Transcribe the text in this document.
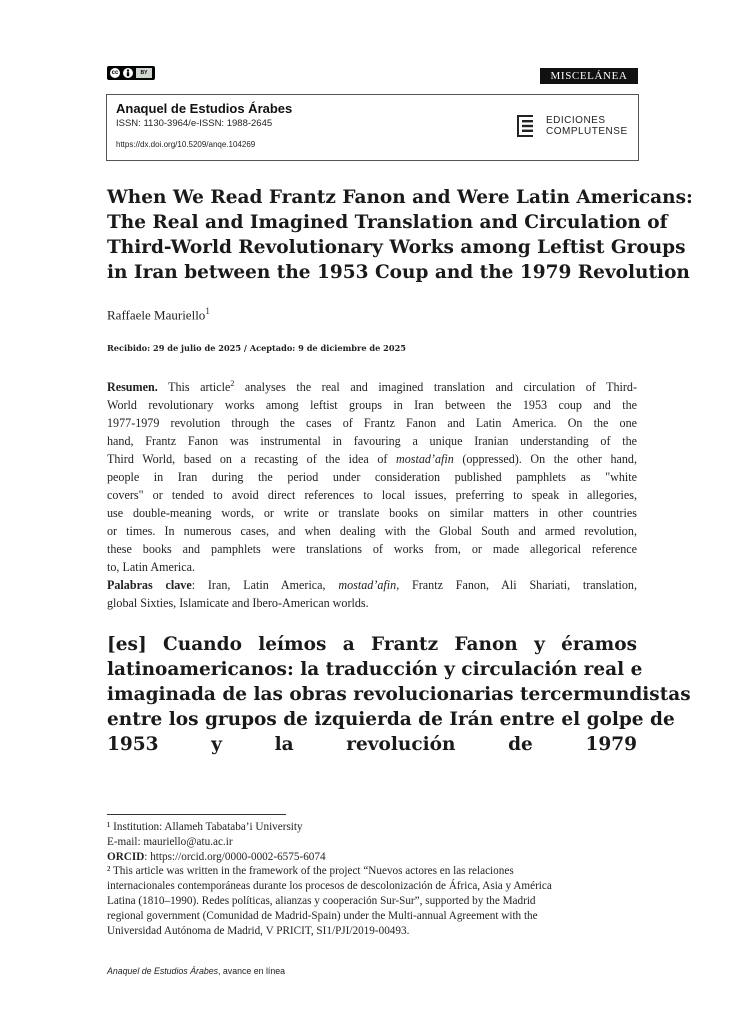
cc	BY	MISCELÁNEA
Anaquel de Estudios Árabes
ISSN: 1130-3964/e-ISSN: 1988-2645
https://dx.doi.org/10.5209/anqe.104269
EDICIONES
COMPLUTENSE
When We Read Frantz Fanon and Were Latin Americans:
The Real and Imagined Translation and Circulation of
Third-World Revolutionary Works among Leftist Groups
in Iran between the 1953 Coup and the 1979 Revolution
Raffaele Mauriello$^1$
Recibido: 29 de julio de 2025 / Aceptado: 9 de diciembre de 2025
Resumen. This article$^2$ analyses the real and imagined translation and circulation of Third-
World revolutionary works among leftist groups in Iran between the 1953 coup and the
1977-1979 revolution through the cases of Frantz Fanon and Latin America. On the one
hand, Frantz Fanon was instrumental in favouring a unique Iranian understanding of the
Third World, based on a recasting of the idea of mostad’afin (oppressed). On the other hand,
people in Iran during the period under consideration published pamphlets as "white
covers" or tended to avoid direct references to local issues, preferring to speak in allegories,
use double-meaning words, or write or translate books on similar matters in other countries
or times. In numerous cases, and when dealing with the Global South and armed revolution,
these books and pamphlets were translations of works from, or made allegorical reference
to, Latin America.
Palabras clave: Iran, Latin America, mostad’afin, Frantz Fanon, Ali Shariati, translation,
global Sixties, Islamicate and Ibero-American worlds.
[es] Cuando leímos a Frantz Fanon y éramos
latinoamericanos: la traducción y circulación real e
imaginada de las obras revolucionarias tercermundistas
entre los grupos de izquierda de Irán entre el golpe de
1953 y la revolución de 1979
¹ Institution: Allameh Tabataba’i University
E-mail: mauriello@atu.ac.ir
ORCID: https://orcid.org/0000-0002-6575-6074
² This article was written in the framework of the project “Nuevos actores en las relaciones
internacionales contemporáneas durante los procesos de descolonización de África, Asia y América
Latina (1810–1990). Redes políticas, alianzas y cooperación Sur-Sur”, supported by the Madrid
regional government (Comunidad de Madrid-Spain) under the Multi-annual Agreement with the
Universidad Autónoma de Madrid, V PRICIT, SI1/PJI/2019-00493.
Anaquel de Estudios Árabes, avance en línea
